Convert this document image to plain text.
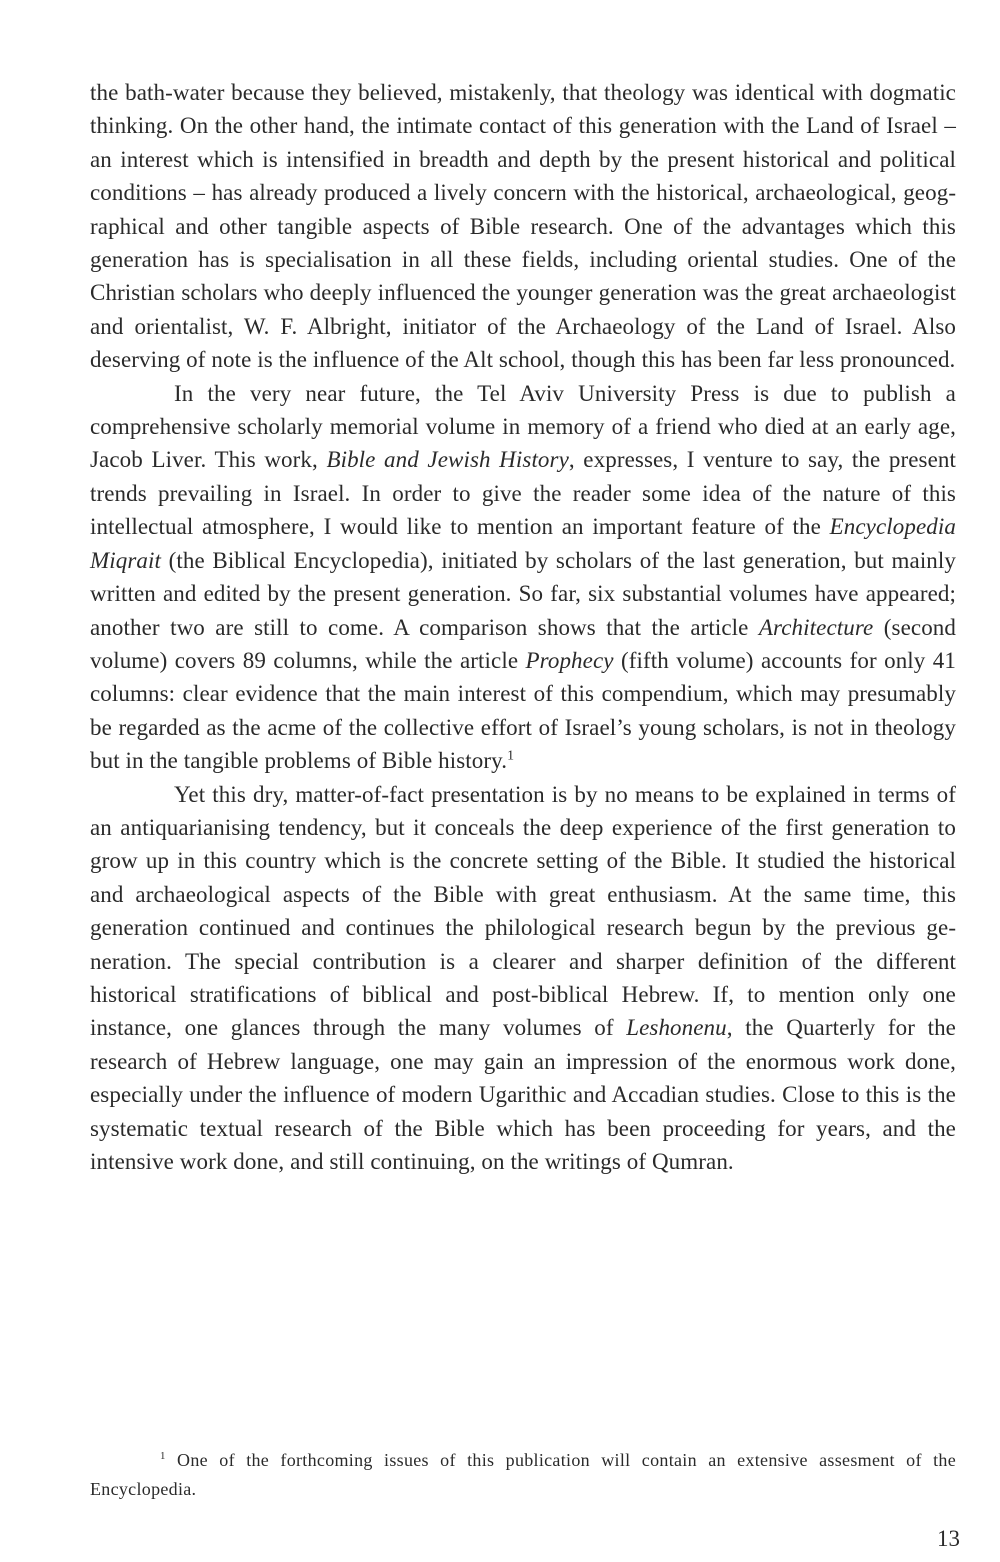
the bath-water because they believed, mistakenly, that theology was identical with dogmatic thinking. On the other hand, the intimate contact of this generation with the Land of Israel – an interest which is intensified in breadth and depth by the present historical and political conditions – has already produced a lively concern with the historical, archaeological, geographical and other tangible aspects of Bible research. One of the advantages which this generation has is specialisation in all these fields, including oriental studies. One of the Christian scholars who deeply influenced the younger generation was the great archaeologist and orientalist, W. F. Albright, initiator of the Archaeology of the Land of Israel. Also deserving of note is the influence of the Alt school, though this has been far less pronounced.

In the very near future, the Tel Aviv University Press is due to publish a comprehensive scholarly memorial volume in memory of a friend who died at an early age, Jacob Liver. This work, Bible and Jewish History, expresses, I venture to say, the present trends prevailing in Israel. In order to give the reader some idea of the nature of this intellectual atmosphere, I would like to mention an important feature of the Encyclopedia Miqrait (the Biblical Encyclopedia), initiated by scholars of the last generation, but mainly written and edited by the present generation. So far, six substantial volumes have appeared; another two are still to come. A comparison shows that the article Architecture (second volume) covers 89 columns, while the article Prophecy (fifth volume) accounts for only 41 columns: clear evidence that the main interest of this compendium, which may presumably be regarded as the acme of the collective effort of Israel’s young scholars, is not in theology but in the tangible problems of Bible history.$^1$

Yet this dry, matter-of-fact presentation is by no means to be explained in terms of an antiquarianising tendency, but it conceals the deep experience of the first generation to grow up in this country which is the concrete setting of the Bible. It studied the historical and archaeological aspects of the Bible with great enthusiasm. At the same time, this generation continued and continues the philological research begun by the previous generation. The special contribution is a clearer and sharper definition of the different historical stratifications of biblical and post-biblical Hebrew. If, to mention only one instance, one glances through the many volumes of Leshonenu, the Quarterly for the research of Hebrew language, one may gain an impression of the enormous work done, especially under the influence of modern Ugarithic and Accadian studies. Close to this is the systematic textual research of the Bible which has been proceeding for years, and the intensive work done, and still continuing, on the writings of Qumran.

$^1$ One of the forthcoming issues of this publication will contain an extensive assesment of the Encyclopedia.
13
